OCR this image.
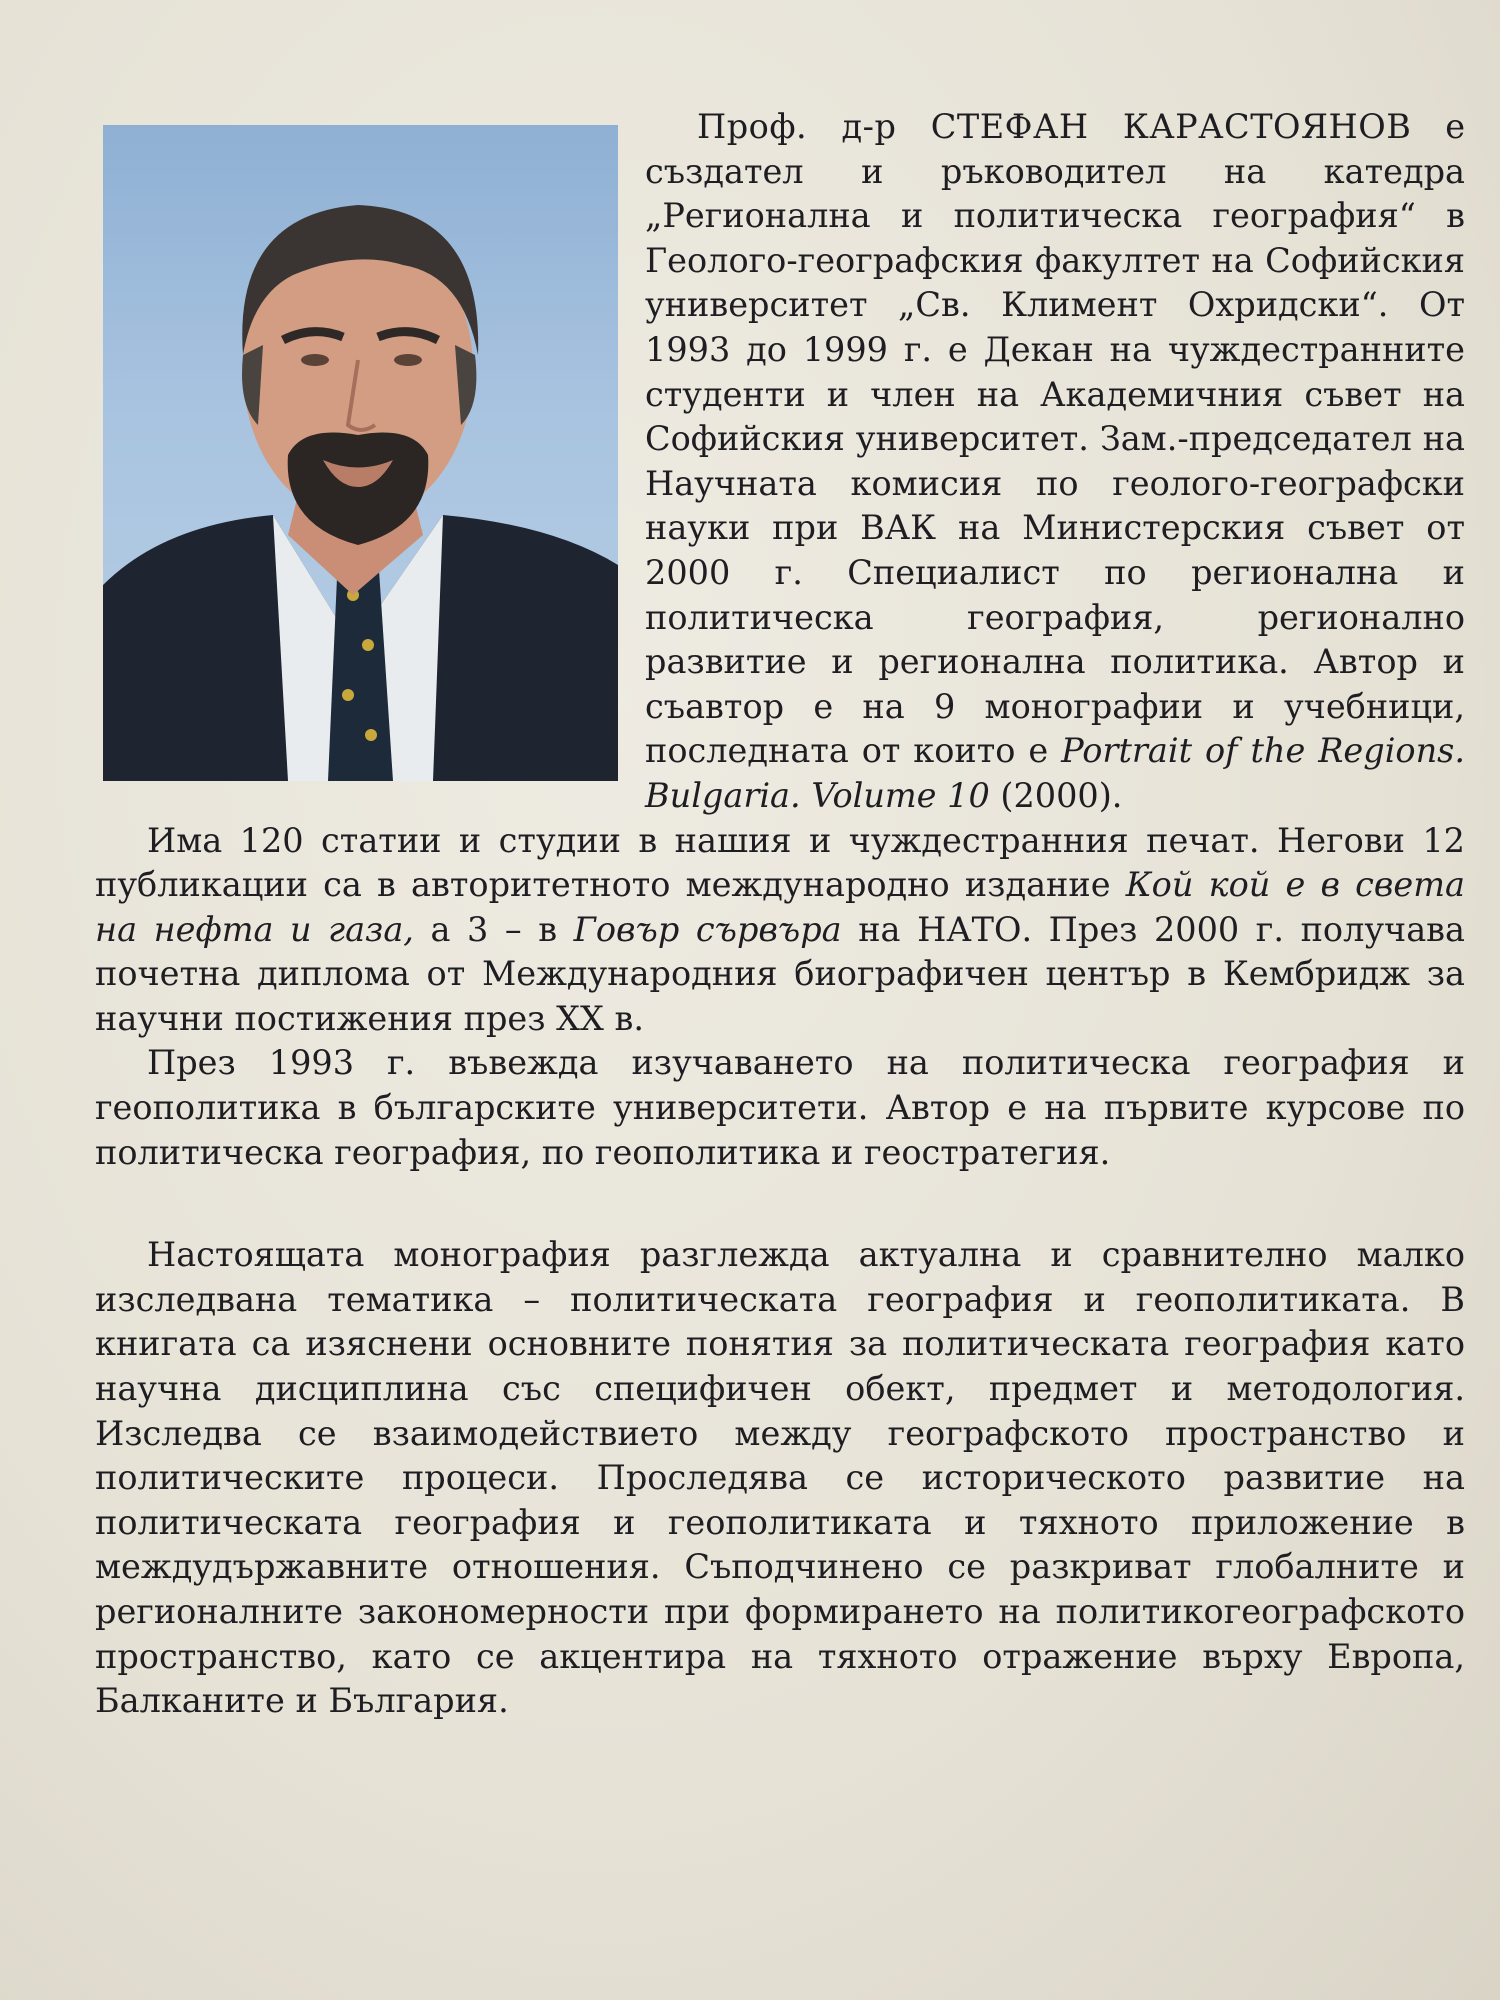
Проф. д-р СТЕФАН КАРАСТОЯНОВ е създател и ръководител на катедра „Регионална и политическа география“ в Геолого-географския факултет на Софийския университет „Св. Климент Охридски“. От 1993 до 1999 г. е Декан на чуждестранните студенти и член на Академичния съвет на Софийския университет. Зам.-председател на Научната комисия по геолого-географски науки при ВАК на Министерския съвет от 2000 г. Специалист по регионална и политическа география, регионално развитие и регионална политика. Автор и съавтор е на 9 монографии и учебници, последната от които е Portrait of the Regions. Bulgaria. Volume 10 (2000).

Има 120 статии и студии в нашия и чуждестранния печат. Негови 12 публикации са в авторитетното международно издание Кой кой е в света на нефта и газа, а 3 – в Говър сървъра на НАТО. През 2000 г. получава почетна диплома от Международния биографичен център в Кембридж за научни постижения през XX в.

През 1993 г. въвежда изучаването на политическа география и геополитика в българските университети. Автор е на първите курсове по политическа география, по геополитика и геостратегия.

Настоящата монография разглежда актуална и сравнително малко изследвана тематика – политическата география и геополитиката. В книгата са изяснени основните понятия за политическата география като научна дисциплина със специфичен обект, предмет и методология. Изследва се взаимодействието между географското пространство и политическите процеси. Проследява се историческото развитие на политическата география и геополитиката и тяхното приложение в междудържавните отношения. Съподчинено се разкриват глобалните и регионалните закономерности при формирането на политикогеографското пространство, като се акцентира на тяхното отражение върху Европа, Балканите и България.
